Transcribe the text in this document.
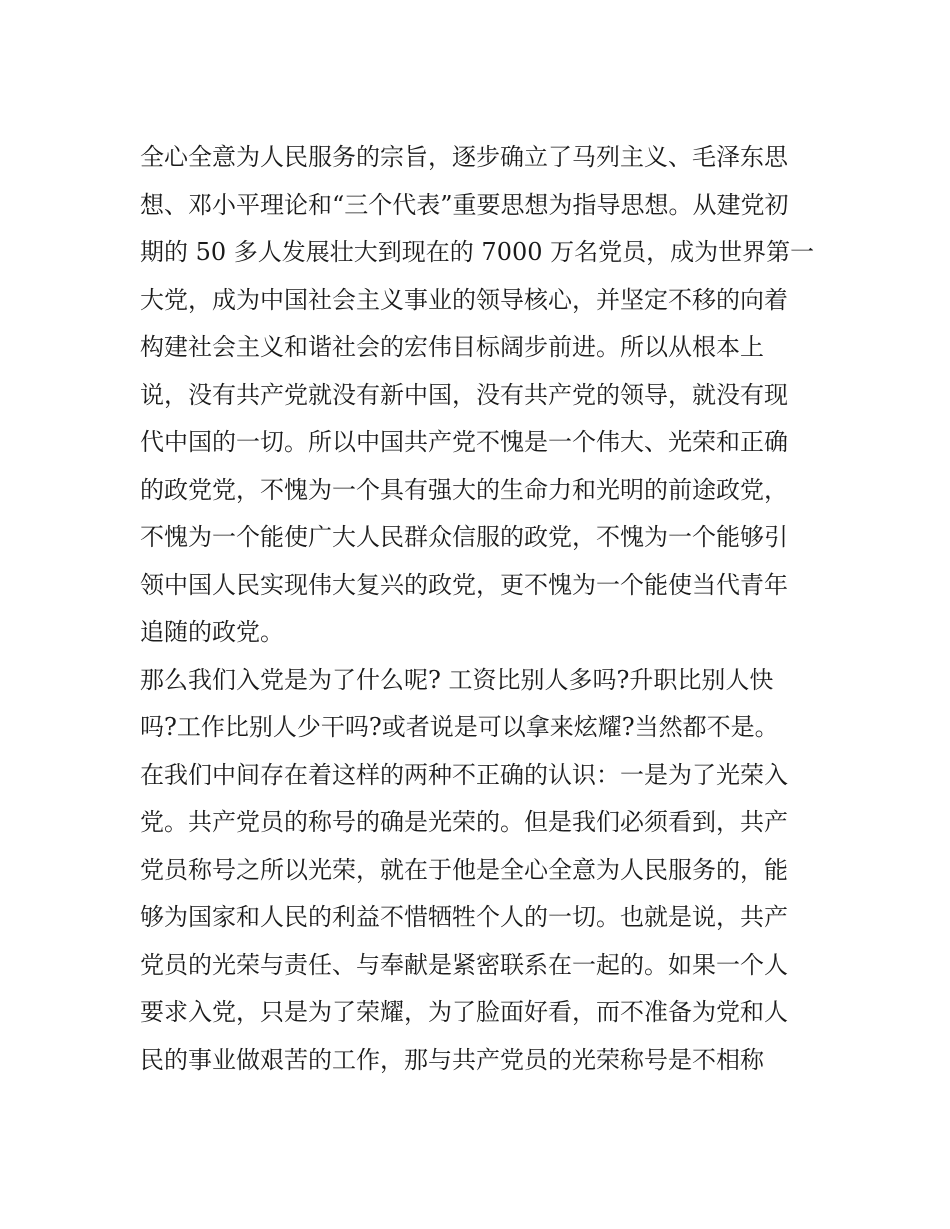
全心全意为人民服务的宗旨，逐步确立了马列主义、毛泽东思
想、邓小平理论和“三个代表”重要思想为指导思想。从建党初
期的 50 多人发展壮大到现在的 7000 万名党员，成为世界第一
大党，成为中国社会主义事业的领导核心，并坚定不移的向着
构建社会主义和谐社会的宏伟目标阔步前进。所以从根本上
说，没有共产党就没有新中国，没有共产党的领导，就没有现
代中国的一切。所以中国共产党不愧是一个伟大、光荣和正确
的政党党，不愧为一个具有强大的生命力和光明的前途政党，
不愧为一个能使广大人民群众信服的政党，不愧为一个能够引
领中国人民实现伟大复兴的政党，更不愧为一个能使当代青年
追随的政党。
那么我们入党是为了什么呢? 工资比别人多吗?升职比别人快
吗?工作比别人少干吗?或者说是可以拿来炫耀?当然都不是。
在我们中间存在着这样的两种不正确的认识：一是为了光荣入
党。共产党员的称号的确是光荣的。但是我们必须看到，共产
党员称号之所以光荣，就在于他是全心全意为人民服务的，能
够为国家和人民的利益不惜牺牲个人的一切。也就是说，共产
党员的光荣与责任、与奉献是紧密联系在一起的。如果一个人
要求入党，只是为了荣耀，为了脸面好看，而不准备为党和人
民的事业做艰苦的工作，那与共产党员的光荣称号是不相称
